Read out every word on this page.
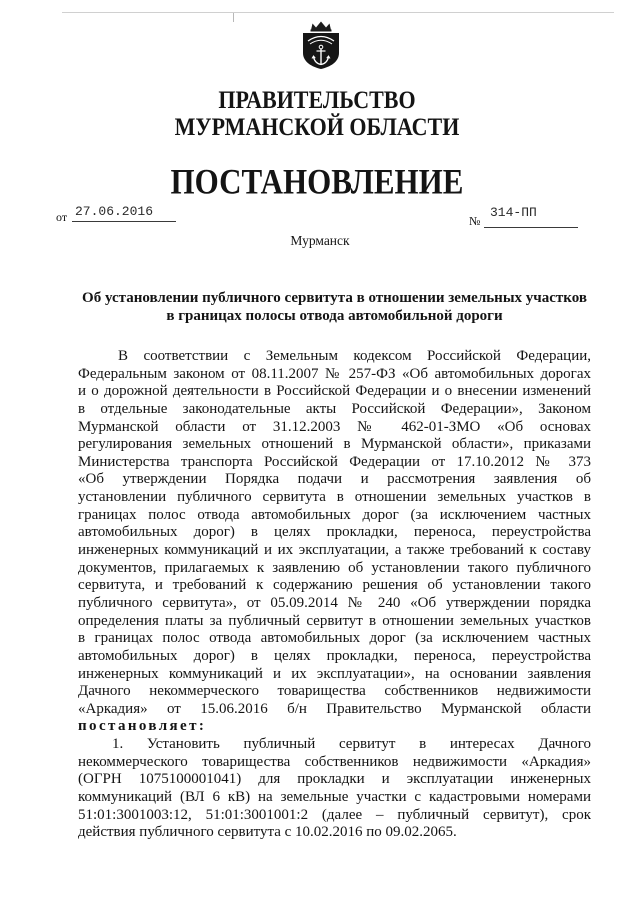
ПРАВИТЕЛЬСТВО
МУРМАНСКОЙ ОБЛАСТИ
ПОСТАНОВЛЕНИЕ
от 27.06.2016
№
314-ПП
Мурманск
Об установлении публичного сервитута в отношении земельных участков
в границах полосы отвода автомобильной дороги
В соответствии с Земельным кодексом Российской Федерации,
Федеральным законом от 08.11.2007 № 257-ФЗ «Об автомобильных дорогах
и о дорожной деятельности в Российской Федерации и о внесении изменений
в отдельные законодательные акты Российской Федерации», Законом
Мурманской области от 31.12.2003 № 462-01-ЗМО «Об основах
регулирования земельных отношений в Мурманской области», приказами
Министерства транспорта Российской Федерации от 17.10.2012 № 373
«Об утверждении Порядка подачи и рассмотрения заявления об
установлении публичного сервитута в отношении земельных участков в
границах полос отвода автомобильных дорог (за исключением частных
автомобильных дорог) в целях прокладки, переноса, переустройства
инженерных коммуникаций и их эксплуатации, а также требований к составу
документов, прилагаемых к заявлению об установлении такого публичного
сервитута, и требований к содержанию решения об установлении такого
публичного сервитута», от 05.09.2014 № 240 «Об утверждении порядка
определения платы за публичный сервитут в отношении земельных участков
в границах полос отвода автомобильных дорог (за исключением частных
автомобильных дорог) в целях прокладки, переноса, переустройства
инженерных коммуникаций и их эксплуатации», на основании заявления
Дачного некоммерческого товарищества собственников недвижимости
«Аркадия» от 15.06.2016 б/н Правительство Мурманской области
постановляет:
1. Установить публичный сервитут в интересах Дачного
некоммерческого товарищества собственников недвижимости «Аркадия»
(ОГРН 1075100001041) для прокладки и эксплуатации инженерных
коммуникаций (ВЛ 6 кВ) на земельные участки с кадастровыми номерами
51:01:3001003:12, 51:01:3001001:2 (далее – публичный сервитут), срок
действия публичного сервитута с 10.02.2016 по 09.02.2065.
